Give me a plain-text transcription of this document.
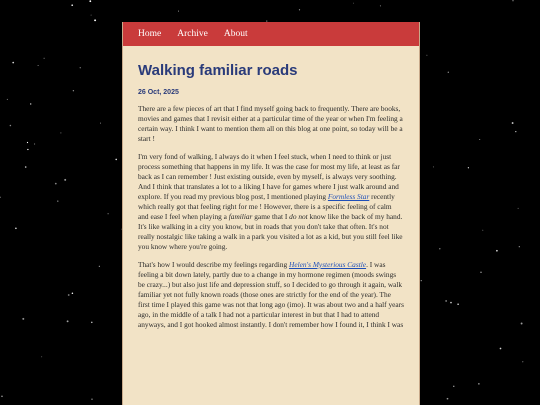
Home Archive About
Walking familiar roads
26 Oct, 2025

There are a few pieces of art that I find myself going back to frequently. There are books, movies and games that I revisit either at a particular time of the year or when I'm feeling a certain way. I think I want to mention them all on this blog at one point, so today will be a start !

I'm very fond of walking, I always do it when I feel stuck, when I need to think or just process something that happens in my life. It was the case for most my life, at least as far back as I can remember ! Just existing outside, even by myself, is always very soothing. And I think that translates a lot to a liking I have for games where I just walk around and explore. If you read my previous blog post, I mentioned playing Formless Star recently which really got that feeling right for me ! However, there is a specific feeling of calm and ease I feel when playing a familiar game that I do not know like the back of my hand. It's like walking in a city you know, but in roads that you don't take that often. It's not really nostalgic like taking a walk in a park you visited a lot as a kid, but you still feel like you know where you're going.

That's how I would describe my feelings regarding Helen's Mysterious Castle. I was feeling a bit down lately, partly due to a change in my hormone regimen (moods swings be crazy...) but also just life and depression stuff, so I decided to go through it again, walk familiar yet not fully known roads (those ones are strictly for the end of the year). The first time I played this game was not that long ago (imo). It was about two and a half years ago, in the middle of a talk I had not a particular interest in but that I had to attend anyways, and I got hooked almost instantly. I don't remember how I found it, I think I was
